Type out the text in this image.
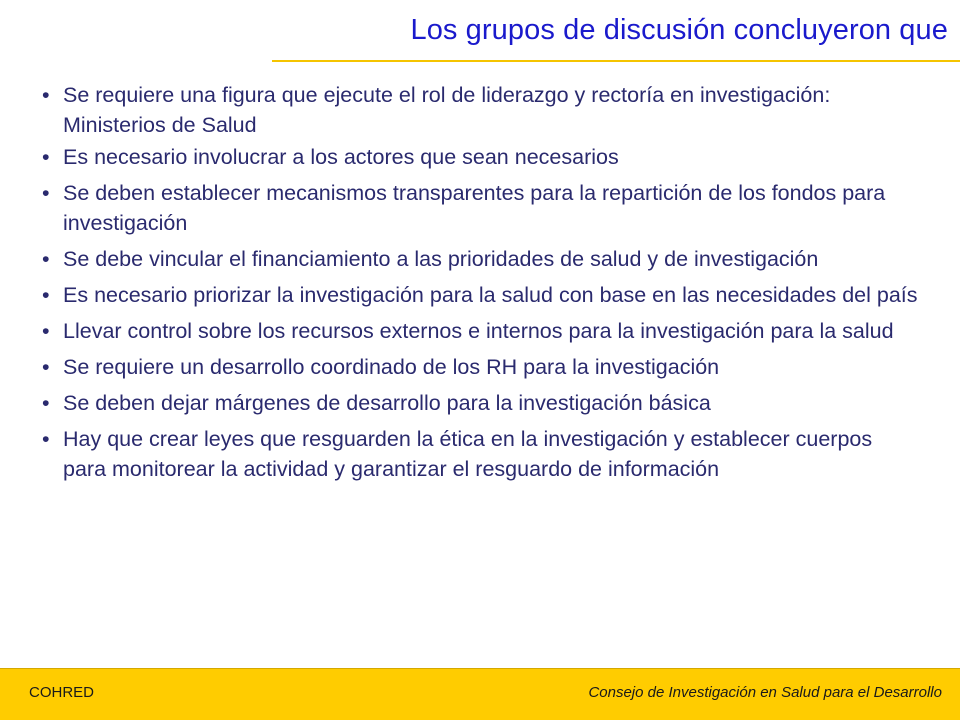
Los grupos de discusión concluyeron que
• Se requiere una figura que ejecute el rol de liderazgo y rectoría en investigación: Ministerios de Salud
• Es necesario involucrar a los actores que sean necesarios
• Se deben establecer mecanismos transparentes para la repartición de los fondos para investigación
• Se debe vincular el financiamiento a las prioridades de salud y de investigación
• Es necesario priorizar la investigación para la salud con base en las necesidades del país
• Llevar control sobre los recursos externos e internos para la investigación para la salud
• Se requiere un desarrollo coordinado de los RH para la investigación
• Se deben dejar márgenes de desarrollo para la investigación básica
• Hay que crear leyes que resguarden la ética en la investigación y establecer cuerpos para monitorear la actividad y garantizar el resguardo de información
COHRED	Consejo de Investigación en Salud para el Desarrollo
